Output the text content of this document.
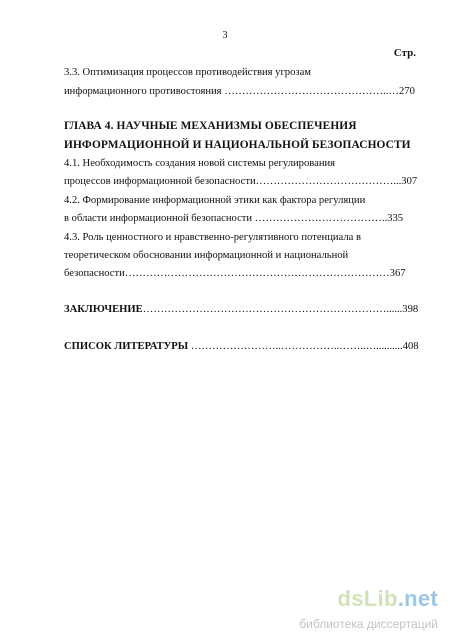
3
Стр.
3.3. Оптимизация процессов противодействия угрозам
информационного противостояния ………………………………………..…270
ГЛАВА 4. НАУЧНЫЕ МЕХАНИЗМЫ ОБЕСПЕЧЕНИЯ
ИНФОРМАЦИОННОЙ И НАЦИОНАЛЬНОЙ БЕЗОПАСНОСТИ
4.1. Необходимость создания новой системы регулирования
процессов информационной безопасности…………………………………...307
4.2. Формирование информационной этики как фактора регуляции
в области информационной безопасности ………………………………..335
4.3. Роль ценностного и нравственно-регулятивного потенциала в
теоретическом обосновании информационной и национальной
безопасности…………………………………………………………………367
ЗАКЛЮЧЕНИЕ……………………………………………………………......398
СПИСОК ЛИТЕРАТУРЫ ……………………..……………..……..…..........408
dsLib.net
библиотека диссертаций
